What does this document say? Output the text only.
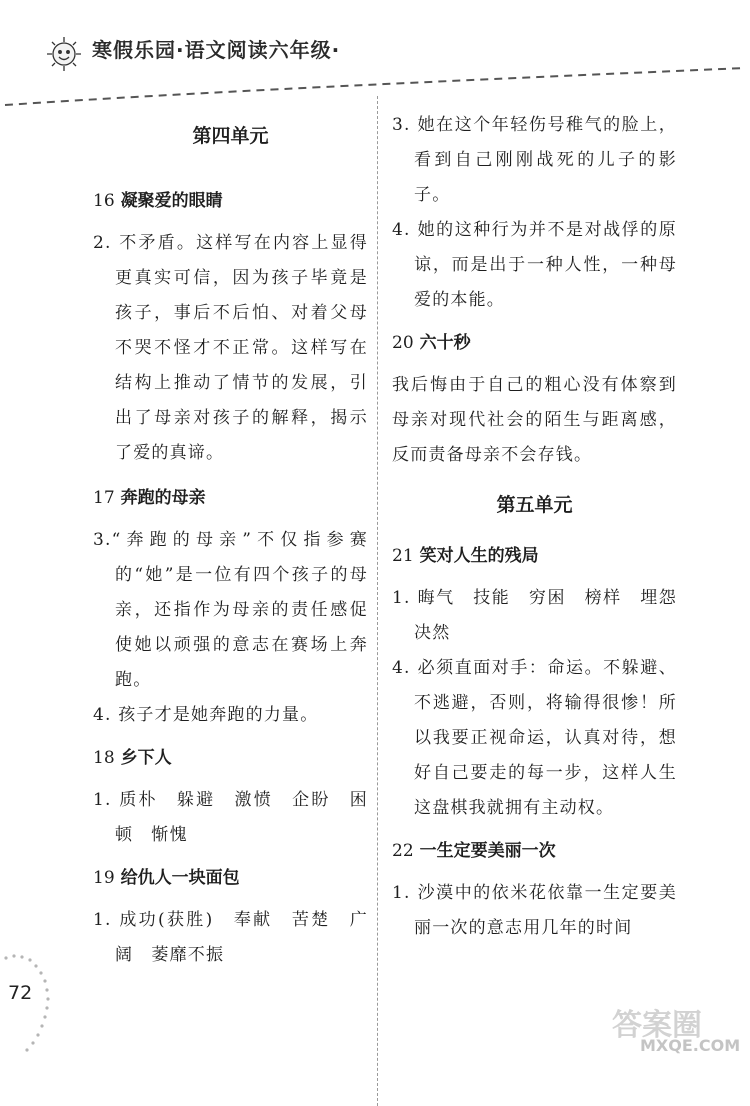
寒假乐园·语文阅读六年级·
第四单元
16 凝聚爱的眼睛
2. 不矛盾。这样写在内容上显得更真实可信，因为孩子毕竟是孩子，事后不后怕、对着父母不哭不怪才不正常。这样写在结构上推动了情节的发展，引出了母亲对孩子的解释，揭示了爱的真谛。
17 奔跑的母亲
3.“奔跑的母亲”不仅指参赛的“她”是一位有四个孩子的母亲，还指作为母亲的责任感促使她以顽强的意志在赛场上奔跑。
4. 孩子才是她奔跑的力量。
18 乡下人
1. 质朴　躲避　激愤　企盼　困顿　惭愧
19 给仇人一块面包
1. 成功(获胜)　奉献　苦楚　广阔　萎靡不振
3. 她在这个年轻伤号稚气的脸上，看到自己刚刚战死的儿子的影子。
4. 她的这种行为并不是对战俘的原谅，而是出于一种人性，一种母爱的本能。
20 六十秒
我后悔由于自己的粗心没有体察到母亲对现代社会的陌生与距离感，反而责备母亲不会存钱。
第五单元
21 笑对人生的残局
1. 晦气　技能　穷困　榜样　埋怨　决然
4. 必须直面对手：命运。不躲避、不逃避，否则，将输得很惨！所以我要正视命运，认真对待，想好自己要走的每一步，这样人生这盘棋我就拥有主动权。
22 一生定要美丽一次
1. 沙漠中的依米花依靠一生定要美丽一次的意志用几年的时间
72
答案圈
MXQE.COM
